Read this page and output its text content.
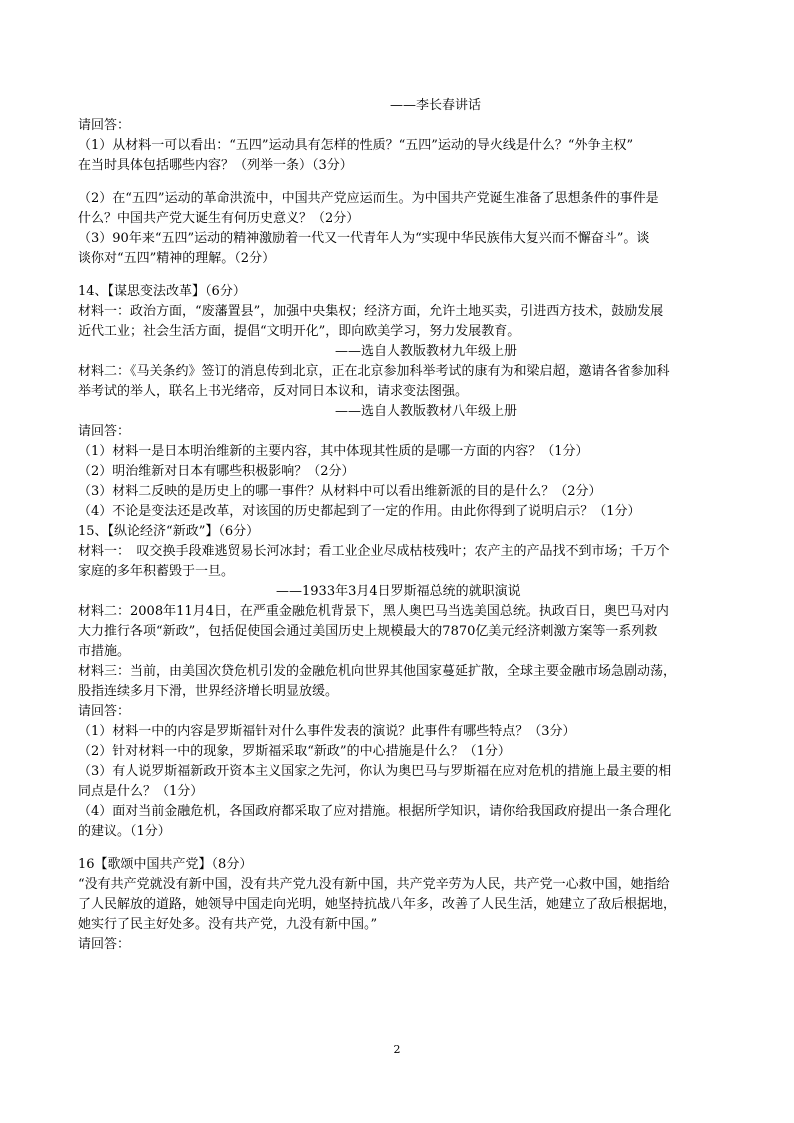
——李长春讲话

请回答：

（1）从材料一可以看出：“五四”运动具有怎样的性质？“五四”运动的导火线是什么？“外争主权”

在当时具体包括哪些内容？（列举一条）（3分）

（2）在“五四”运动的革命洪流中，中国共产党应运而生。为中国共产党诞生准备了思想条件的事件是

什么？中国共产党大诞生有何历史意义？（2分）

（3）90年来“五四”运动的精神激励着一代又一代青年人为“实现中华民族伟大复兴而不懈奋斗”。谈

谈你对“五四”精神的理解。（2分）

14、【谋思变法改革】（6分）

材料一：政治方面，“废藩置县”，加强中央集权；经济方面，允许土地买卖，引进西方技术，鼓励发展

近代工业；社会生活方面，提倡“文明开化”，即向欧美学习，努力发展教育。

——选自人教版教材九年级上册

材料二：《马关条约》签订的消息传到北京，正在北京参加科举考试的康有为和梁启超，邀请各省参加科

举考试的举人，联名上书光绪帝，反对同日本议和，请求变法图强。

——选自人教版教材八年级上册

请回答：

（1）材料一是日本明治维新的主要内容，其中体现其性质的是哪一方面的内容？（1分）

（2）明治维新对日本有哪些积极影响？（2分）

（3）材料二反映的是历史上的哪一事件？从材料中可以看出维新派的目的是什么？（2分）

（4）不论是变法还是改革，对该国的历史都起到了一定的作用。由此你得到了说明启示？（1分）

15、【纵论经济“新政”】（6分）

材料一：　叹交换手段难逃贸易长河冰封；看工业企业尽成枯枝残叶；农产主的产品找不到市场；千万个

家庭的多年积蓄毁于一旦。

——1933年3月4日罗斯福总统的就职演说

材料二：2008年11月4日，在严重金融危机背景下，黑人奥巴马当选美国总统。执政百日，奥巴马对内

大力推行各项“新政”，包括促使国会通过美国历史上规模最大的7870亿美元经济刺激方案等一系列救

市措施。

材料三：当前，由美国次贷危机引发的金融危机向世界其他国家蔓延扩散，全球主要金融市场急剧动荡，

股指连续多月下滑，世界经济增长明显放缓。

请回答：

（1）材料一中的内容是罗斯福针对什么事件发表的演说？此事件有哪些特点？（3分）

（2）针对材料一中的现象，罗斯福采取“新政”的中心措施是什么？（1分）

（3）有人说罗斯福新政开资本主义国家之先河，你认为奥巴马与罗斯福在应对危机的措施上最主要的相

同点是什么？（1分）

（4）面对当前金融危机，各国政府都采取了应对措施。根据所学知识，请你给我国政府提出一条合理化

的建议。（1分）

16【歌颂中国共产党】（8分）

“没有共产党就没有新中国，没有共产党九没有新中国，共产党辛劳为人民，共产党一心救中国，她指给

了人民解放的道路，她领导中国走向光明，她坚持抗战八年多，改善了人民生活，她建立了敌后根据地，

她实行了民主好处多。没有共产党，九没有新中国。”

请回答：

2
